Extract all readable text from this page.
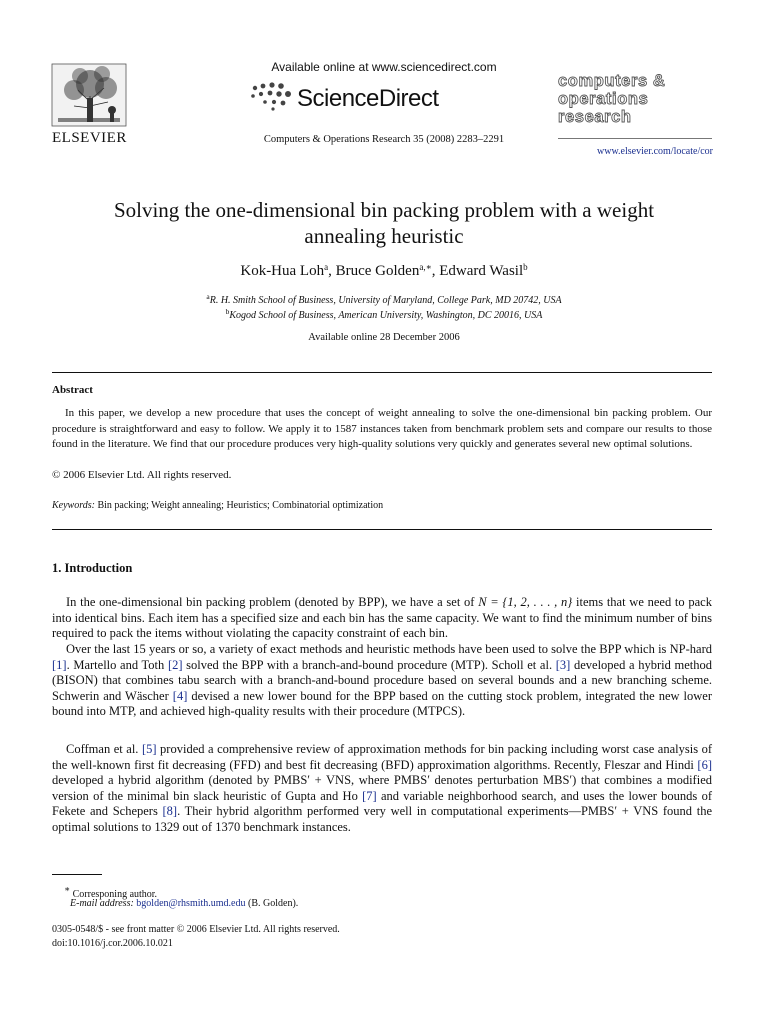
ELSEVIER
Available online at www.sciencedirect.com
ScienceDirect
Computers & Operations Research 35 (2008) 2283–2291
computers &
operations
research
www.elsevier.com/locate/cor
Solving the one-dimensional bin packing problem with a weight
annealing heuristic
Kok-Hua Loh$^a$, Bruce Golden$^{a,∗}$, Edward Wasil$^b$
$^a$R. H. Smith School of Business, University of Maryland, College Park, MD 20742, USA
$^b$Kogod School of Business, American University, Washington, DC 20016, USA
Available online 28 December 2006
Abstract
In this paper, we develop a new procedure that uses the concept of weight annealing to solve the one-dimensional bin packing problem. Our procedure is straightforward and easy to follow. We apply it to 1587 instances taken from benchmark problem sets and compare our results to those found in the literature. We find that our procedure produces very high-quality solutions very quickly and generates several new optimal solutions.
© 2006 Elsevier Ltd. All rights reserved.
Keywords: Bin packing; Weight annealing; Heuristics; Combinatorial optimization
1. Introduction
In the one-dimensional bin packing problem (denoted by BPP), we have a set of N = {1, 2, . . . , n} items that we need to pack into identical bins. Each item has a specified size and each bin has the same capacity. We want to find the minimum number of bins required to pack the items without violating the capacity constraint of each bin.
Over the last 15 years or so, a variety of exact methods and heuristic methods have been used to solve the BPP which is NP-hard [1]. Martello and Toth [2] solved the BPP with a branch-and-bound procedure (MTP). Scholl et al. [3] developed a hybrid method (BISON) that combines tabu search with a branch-and-bound procedure based on several bounds and a new branching scheme. Schwerin and Wäscher [4] devised a new lower bound for the BPP based on the cutting stock problem, integrated the new lower bound into MTP, and achieved high-quality results with their procedure (MTPCS).
Coffman et al. [5] provided a comprehensive review of approximation methods for bin packing including worst case analysis of the well-known first fit decreasing (FFD) and best fit decreasing (BFD) approximation algorithms. Recently, Fleszar and Hindi [6] developed a hybrid algorithm (denoted by PMBS′ + VNS, where PMBS′ denotes perturbation MBS′) that combines a modified version of the minimal bin slack heuristic of Gupta and Ho [7] and variable neighborhood search, and uses the lower bounds of Fekete and Schepers [8]. Their hybrid algorithm performed very well in computational experiments—PMBS′ + VNS found the optimal solutions to 1329 out of 1370 benchmark instances.
∗ Corresponing author.
E-mail address: bgolden@rhsmith.umd.edu (B. Golden).
0305-0548/$ - see front matter © 2006 Elsevier Ltd. All rights reserved.
doi:10.1016/j.cor.2006.10.021
